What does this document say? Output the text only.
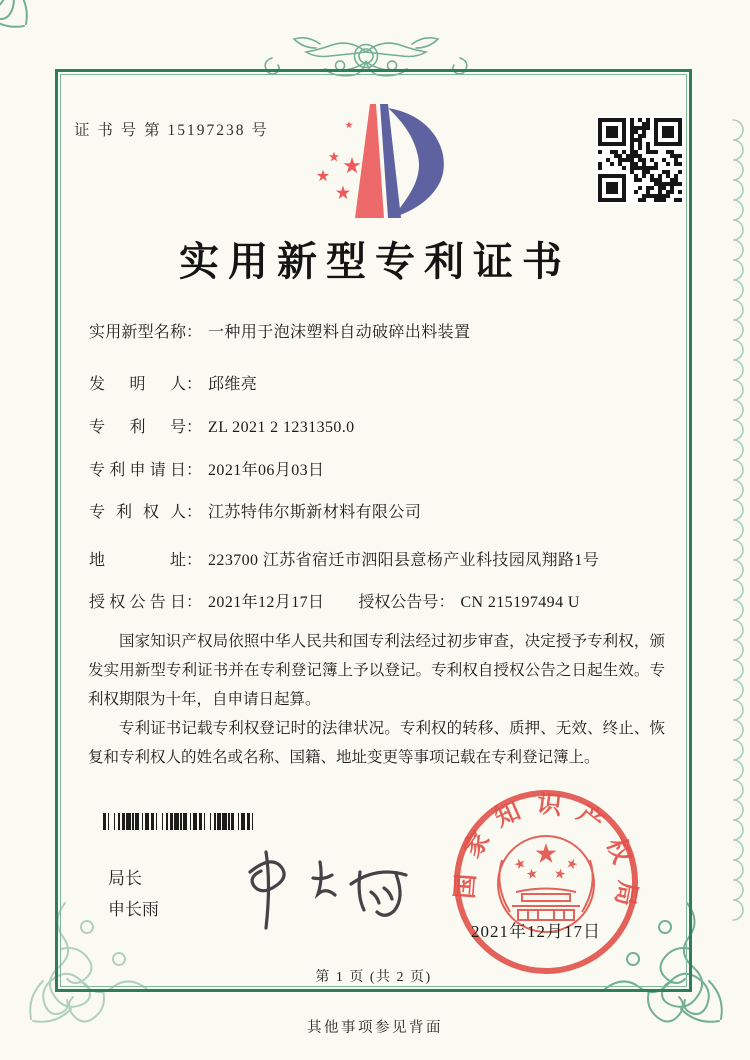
证 书 号 第 15197238 号
实用新型专利证书
实用新型名称： 一种用于泡沫塑料自动破碎出料装置
发明人： 邱维亮
专利号： ZL 2021 2 1231350.0
专利申请日： 2021年06月03日
专利权人： 江苏特伟尔斯新材料有限公司
地址： 223700 江苏省宿迁市泗阳县意杨产业科技园凤翔路1号
授权公告日： 2021年12月17日 授权公告号： CN 215197494 U

国家知识产权局依照中华人民共和国专利法经过初步审查，决定授予专利权，颁发实用新型专利证书并在专利登记簿上予以登记。专利权自授权公告之日起生效。专利权期限为十年，自申请日起算。

专利证书记载专利权登记时的法律状况。专利权的转移、质押、无效、终止、恢复和专利权人的姓名或名称、国籍、地址变更等事项记载在专利登记簿上。

局长
申长雨
国家知识产权局
2021年12月17日
第 1 页 (共 2 页)
其他事项参见背面
